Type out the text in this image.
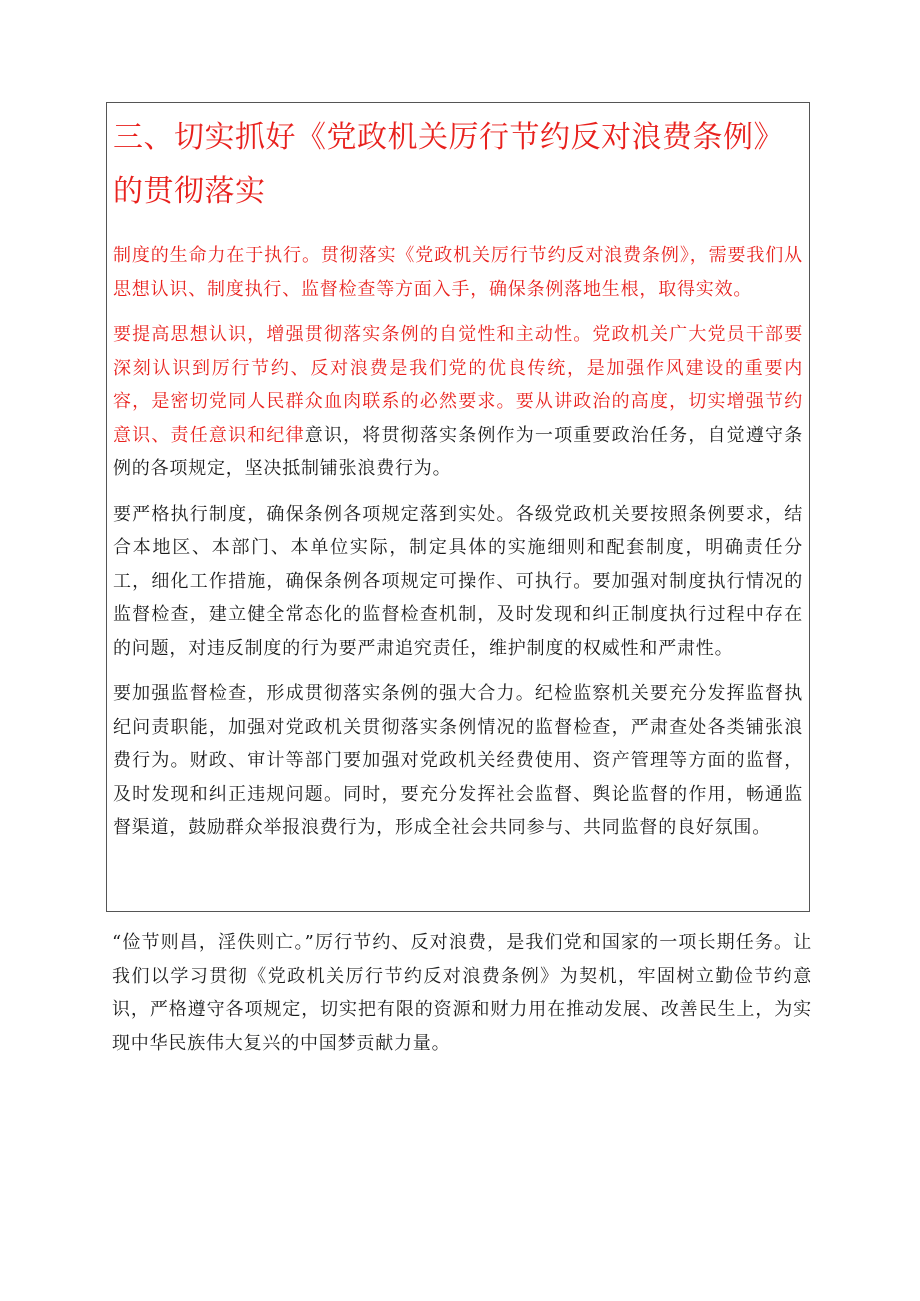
三、切实抓好《党政机关厉行节约反对浪费条例》的贯彻落实

制度的生命力在于执行。贯彻落实《党政机关厉行节约反对浪费条例》，需要我们从思想认识、制度执行、监督检查等方面入手，确保条例落地生根，取得实效。

要提高思想认识，增强贯彻落实条例的自觉性和主动性。党政机关广大党员干部要深刻认识到厉行节约、反对浪费是我们党的优良传统，是加强作风建设的重要内容，是密切党同人民群众血肉联系的必然要求。要从讲政治的高度，切实增强节约意识、责任意识和纪律意识，将贯彻落实条例作为一项重要政治任务，自觉遵守条例的各项规定，坚决抵制铺张浪费行为。

要严格执行制度，确保条例各项规定落到实处。各级党政机关要按照条例要求，结合本地区、本部门、本单位实际，制定具体的实施细则和配套制度，明确责任分工，细化工作措施，确保条例各项规定可操作、可执行。要加强对制度执行情况的监督检查，建立健全常态化的监督检查机制，及时发现和纠正制度执行过程中存在的问题，对违反制度的行为要严肃追究责任，维护制度的权威性和严肃性。

要加强监督检查，形成贯彻落实条例的强大合力。纪检监察机关要充分发挥监督执纪问责职能，加强对党政机关贯彻落实条例情况的监督检查，严肃查处各类铺张浪费行为。财政、审计等部门要加强对党政机关经费使用、资产管理等方面的监督，及时发现和纠正违规问题。同时，要充分发挥社会监督、舆论监督的作用，畅通监督渠道，鼓励群众举报浪费行为，形成全社会共同参与、共同监督的良好氛围。

“俭节则昌，淫佚则亡。”厉行节约、反对浪费，是我们党和国家的一项长期任务。让我们以学习贯彻《党政机关厉行节约反对浪费条例》为契机，牢固树立勤俭节约意识，严格遵守各项规定，切实把有限的资源和财力用在推动发展、改善民生上，为实现中华民族伟大复兴的中国梦贡献力量。
